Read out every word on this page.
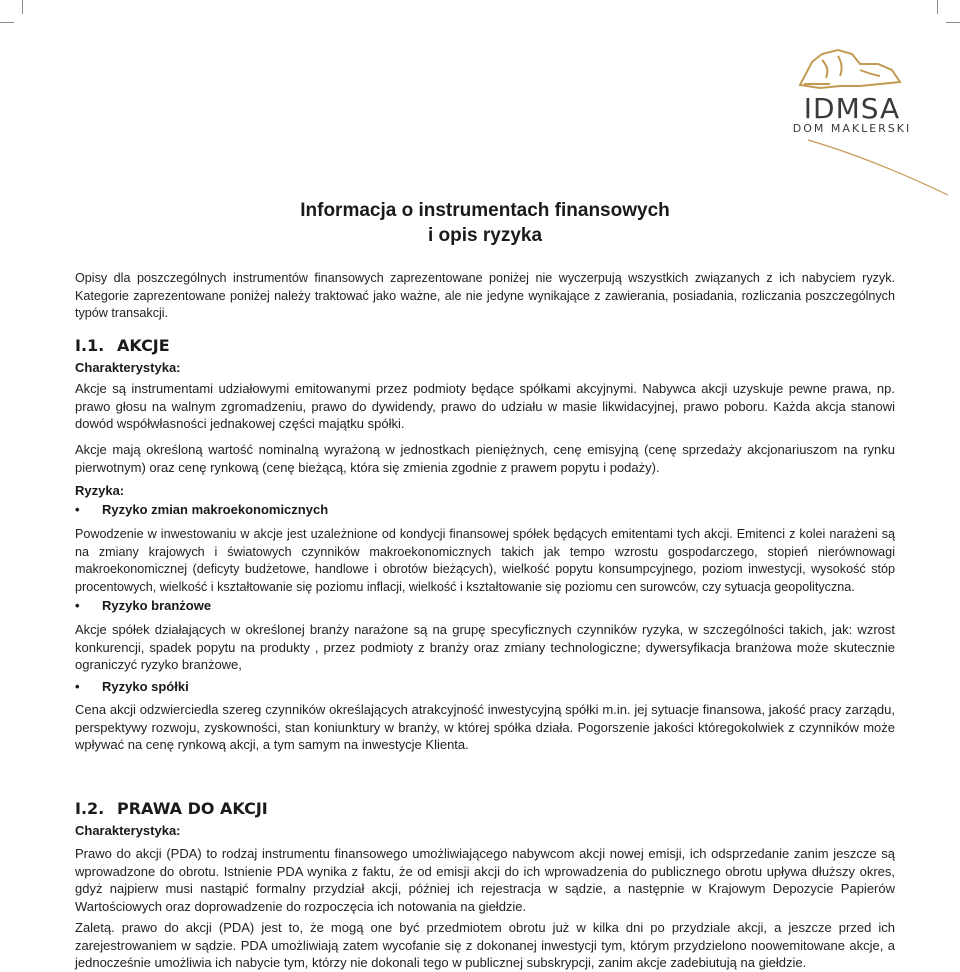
IDMSA
DOM MAKLERSKI
Informacja o instrumentach finansowych
i opis ryzyka

Opisy dla poszczególnych instrumentów finansowych zaprezentowane poniżej nie wyczerpują wszystkich związanych z ich nabyciem ryzyk. Kategorie zaprezentowane poniżej należy traktować jako ważne, ale nie jedyne wynikające z zawierania, posiadania, rozliczania poszczególnych typów transakcji.

I.1. AKCJE
Charakterystyka:

Akcje są instrumentami udziałowymi emitowanymi przez podmioty będące spółkami akcyjnymi. Nabywca akcji uzyskuje pewne prawa, np. prawo głosu na walnym zgromadzeniu, prawo do dywidendy, prawo do udziału w masie likwidacyjnej, prawo poboru. Każda akcja stanowi dowód współwłasności jednakowej części majątku spółki.

Akcje mają określoną wartość nominalną wyrażoną w jednostkach pieniężnych, cenę emisyjną (cenę sprzedaży akcjonariuszom na rynku pierwotnym) oraz cenę rynkową (cenę bieżącą, która się zmienia zgodnie z prawem popytu i podaży).

Ryzyka:
• Ryzyko zmian makroekonomicznych

Powodzenie w inwestowaniu w akcje jest uzależnione od kondycji finansowej spółek będących emitentami tych akcji. Emitenci z kolei narażeni są na zmiany krajowych i światowych czynników makroekonomicznych takich jak tempo wzrostu gospodarczego, stopień nierównowagi makroekonomicznej (deficyty budżetowe, handlowe i obrotów bieżących), wielkość popytu konsumpcyjnego, poziom inwestycji, wysokość stóp procentowych, wielkość i kształtowanie się poziomu inflacji, wielkość i kształtowanie się poziomu cen surowców, czy sytuacja geopolityczna.

• Ryzyko branżowe

Akcje spółek działających w określonej branży narażone są na grupę specyficznych czynników ryzyka, w szczególności takich, jak: wzrost konkurencji, spadek popytu na produkty , przez podmioty z branży oraz zmiany technologiczne; dywersyfikacja branżowa może skutecznie ograniczyć ryzyko branżowe,

• Ryzyko spółki

Cena akcji odzwierciedla szereg czynników określających atrakcyjność inwestycyjną spółki m.in. jej sytuacje finansowa, jakość pracy zarządu, perspektywy rozwoju, zyskowności, stan koniunktury w branży, w której spółka działa. Pogorszenie jakości któregokolwiek z czynników może wpływać na cenę rynkową akcji, a tym samym na inwestycje Klienta.

I.2. PRAWA DO AKCJI
Charakterystyka:

Prawo do akcji (PDA) to rodzaj instrumentu finansowego umożliwiającego nabywcom akcji nowej emisji, ich odsprzedanie zanim jeszcze są wprowadzone do obrotu. Istnienie PDA wynika z faktu, że od emisji akcji do ich wprowadzenia do publicznego obrotu upływa dłuższy okres, gdyż najpierw musi nastąpić formalny przydział akcji, później ich rejestracja w sądzie, a następnie w Krajowym Depozycie Papierów Wartościowych oraz doprowadzenie do rozpoczęcia ich notowania na giełdzie.

Zaletą. prawo do akcji (PDA) jest to, że mogą one być przedmiotem obrotu już w kilka dni po przydziale akcji, a jeszcze przed ich zarejestrowaniem w sądzie. PDA umożliwiają zatem wycofanie się z dokonanej inwestycji tym, którym przydzielono noowemitowane akcje, a jednocześnie umożliwia ich nabycie tym, którzy nie dokonali tego w publicznej subskrypcji, zanim akcje zadebiutują na giełdzie.
